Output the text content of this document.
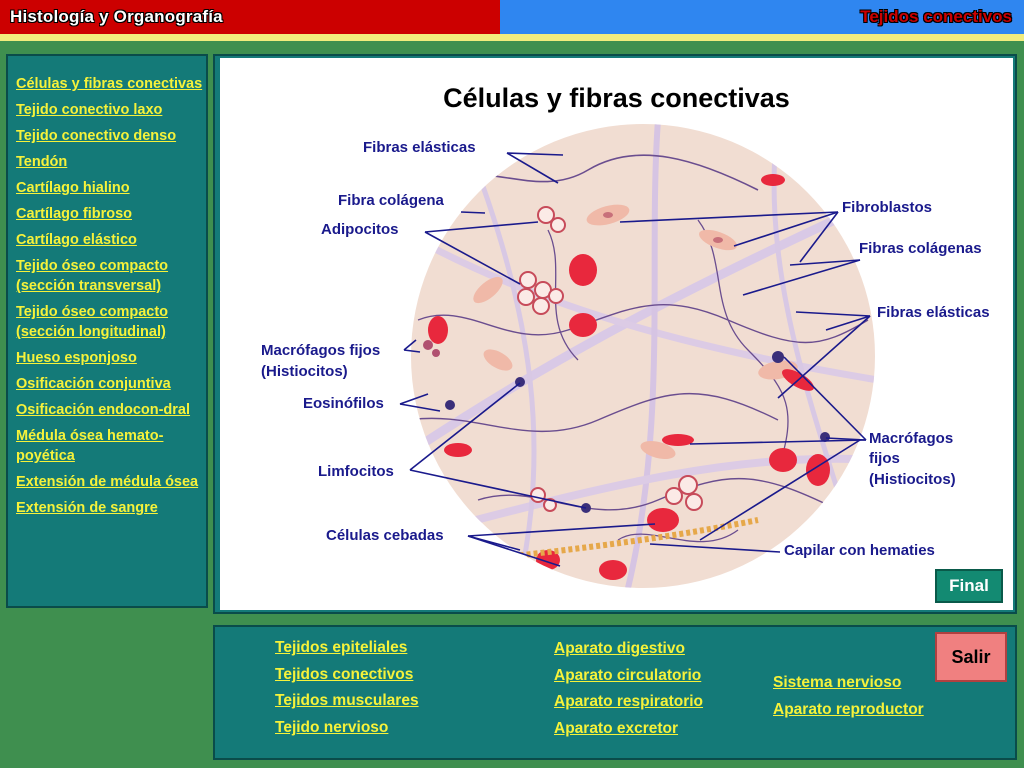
Histología y Organografía	Tejidos conectivos
Células y fibras conectivas
Tejido conectivo laxo
Tejido conectivo denso
Tendón
Cartílago hialino
Cartílago fibroso
Cartílago elástico
Tejido óseo compacto (sección transversal)
Tejido óseo compacto (sección longitudinal)
Hueso esponjoso
Osificación conjuntiva
Osificación endocon-dral
Médula ósea hemato-poyética
Extensión de médula ósea
Extensión de sangre
Células y fibras conectivas
Fibras elásticas
Fibra colágena
Adipocitos
Macrófagos fijos
(Histiocitos)
Eosinófilos
Limfocitos
Células cebadas
Fibroblastos
Fibras colágenas
Fibras elásticas
Macrófagos
fijos
(Histiocitos)
Capilar con hematies
Final
Tejidos epiteliales
Tejidos conectivos
Tejidos musculares
Tejido nervioso
Aparato digestivo
Aparato circulatorio
Aparato respiratorio
Aparato excretor
Sistema nervioso
Aparato reproductor
Salir
